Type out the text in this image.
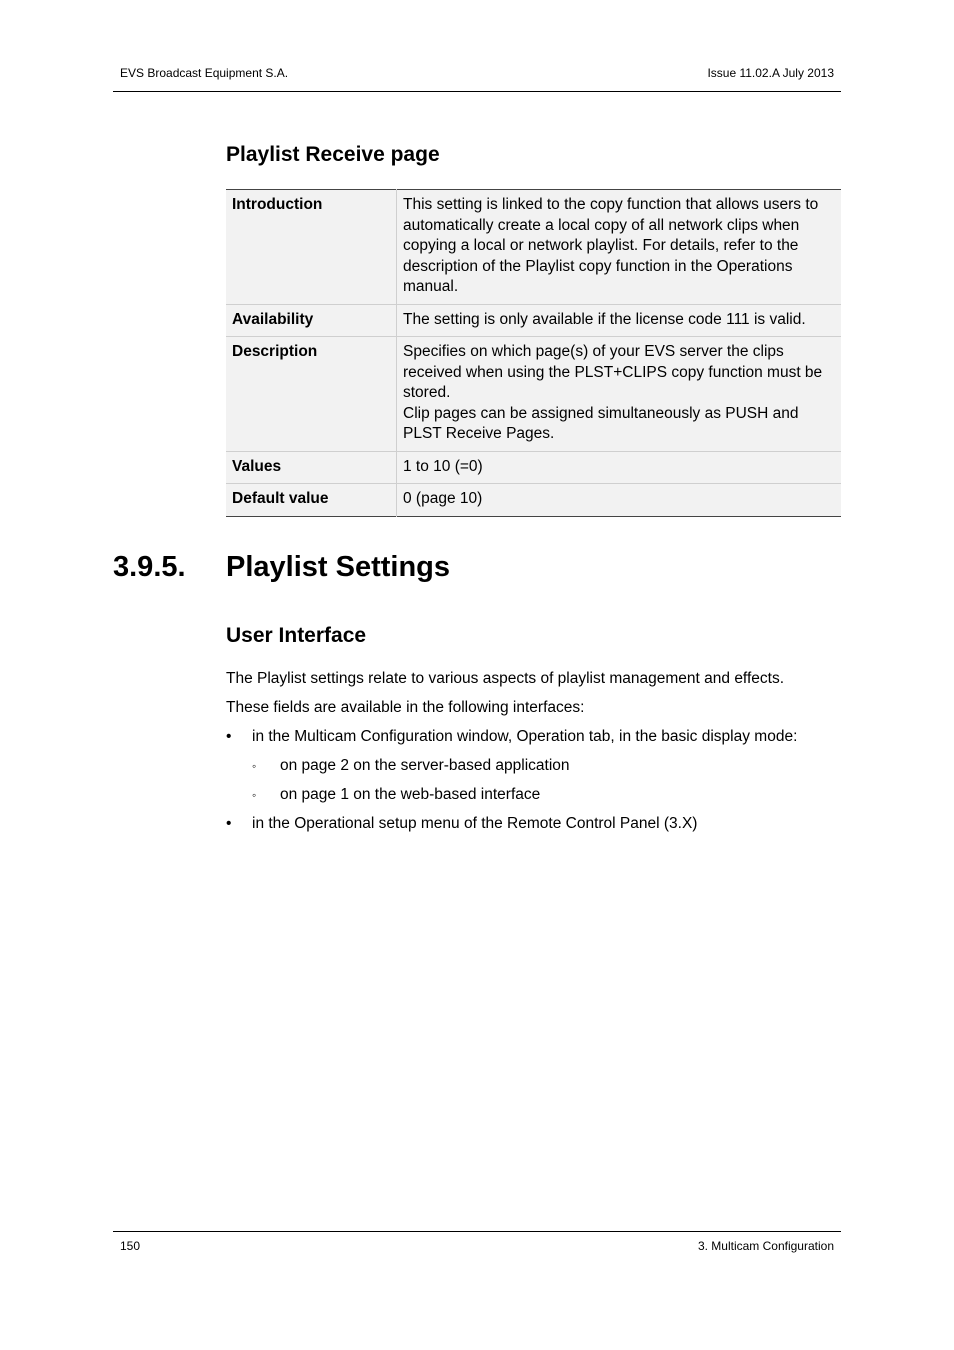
EVS Broadcast Equipment S.A.	Issue 11.02.A July 2013
Playlist Receive page
Introduction	This setting is linked to the copy function that allows users to
automatically create a local copy of all network clips when
copying a local or network playlist. For details, refer to the
description of the Playlist copy function in the Operations
manual.

Availability	The setting is only available if the license code 111 is valid.

Description	Specifies on which page(s) of your EVS server the clips
received when using the PLST+CLIPS copy function must be
stored.
Clip pages can be assigned simultaneously as PUSH and
PLST Receive Pages.

Values	1 to 10 (=0)

Default value	0 (page 10)
3.9.5. Playlist Settings
User Interface

The Playlist settings relate to various aspects of playlist management and effects.

These fields are available in the following interfaces:

• in the Multicam Configuration window, Operation tab, in the basic display mode:
◦ on page 2 on the server-based application
◦ on page 1 on the web-based interface
• in the Operational setup menu of the Remote Control Panel (3.X)
150	3. Multicam Configuration
